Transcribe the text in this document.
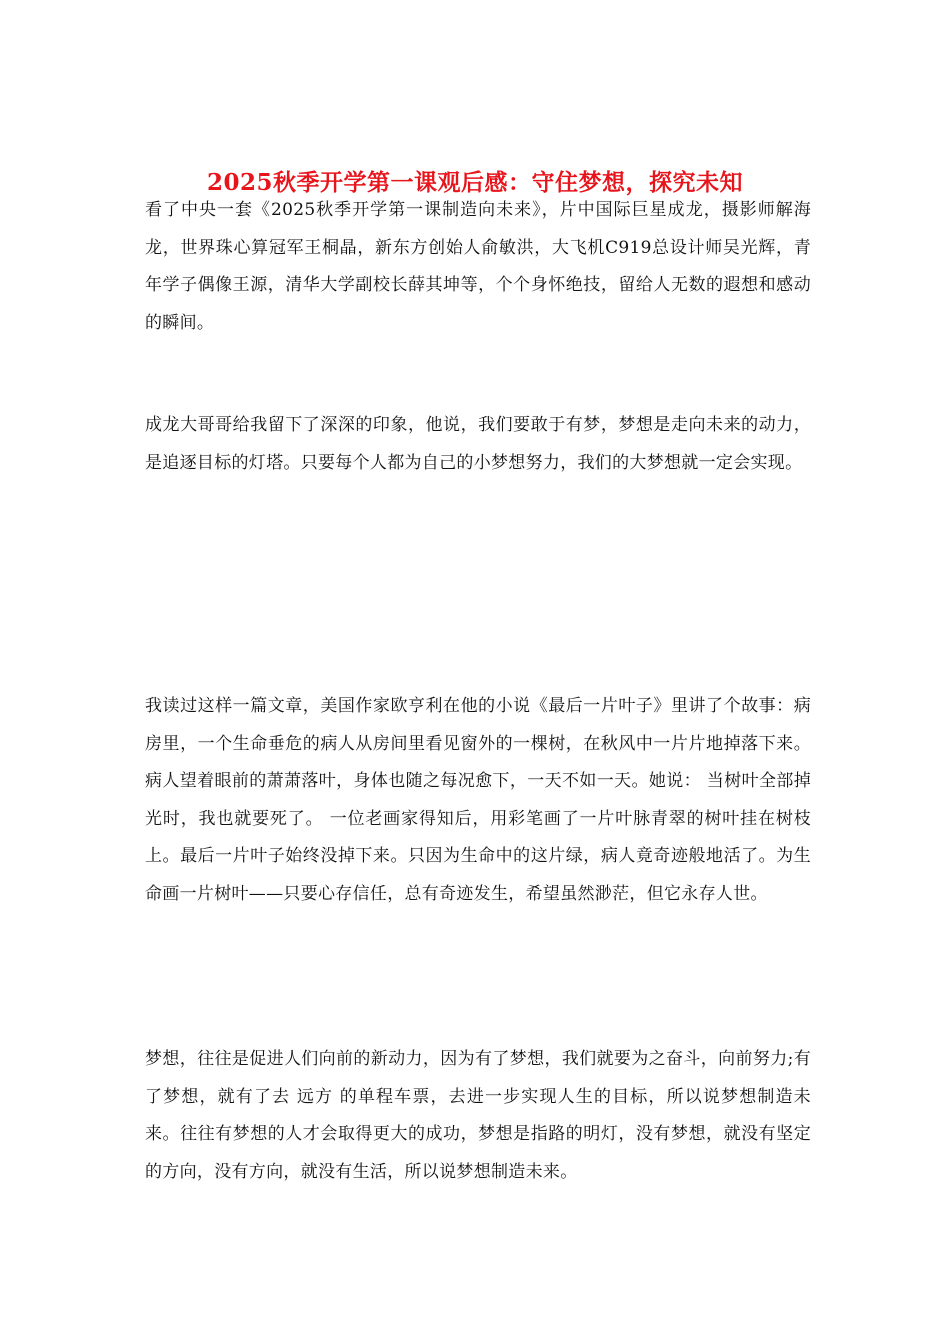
2025秋季开学第一课观后感：守住梦想，探究未知

看了中央一套《2025秋季开学第一课制造向未来》，片中国际巨星成龙，摄影师解海龙，世界珠心算冠军王桐晶，新东方创始人俞敏洪，大飞机C919总设计师吴光辉，青年学子偶像王源，清华大学副校长薛其坤等，个个身怀绝技，留给人无数的遐想和感动的瞬间。

成龙大哥哥给我留下了深深的印象，他说，我们要敢于有梦，梦想是走向未来的动力，是追逐目标的灯塔。只要每个人都为自己的小梦想努力，我们的大梦想就一定会实现。

我读过这样一篇文章，美国作家欧亨利在他的小说《最后一片叶子》里讲了个故事：病房里，一个生命垂危的病人从房间里看见窗外的一棵树，在秋风中一片片地掉落下来。病人望着眼前的萧萧落叶，身体也随之每况愈下，一天不如一天。她说： 当树叶全部掉光时，我也就要死了。 一位老画家得知后，用彩笔画了一片叶脉青翠的树叶挂在树枝上。最后一片叶子始终没掉下来。只因为生命中的这片绿，病人竟奇迹般地活了。为生命画一片树叶——只要心存信任，总有奇迹发生，希望虽然渺茫，但它永存人世。

梦想，往往是促进人们向前的新动力，因为有了梦想，我们就要为之奋斗，向前努力;有了梦想，就有了去 远方 的单程车票，去进一步实现人生的目标，所以说梦想制造未来。往往有梦想的人才会取得更大的成功，梦想是指路的明灯，没有梦想，就没有坚定的方向，没有方向，就没有生活，所以说梦想制造未来。
